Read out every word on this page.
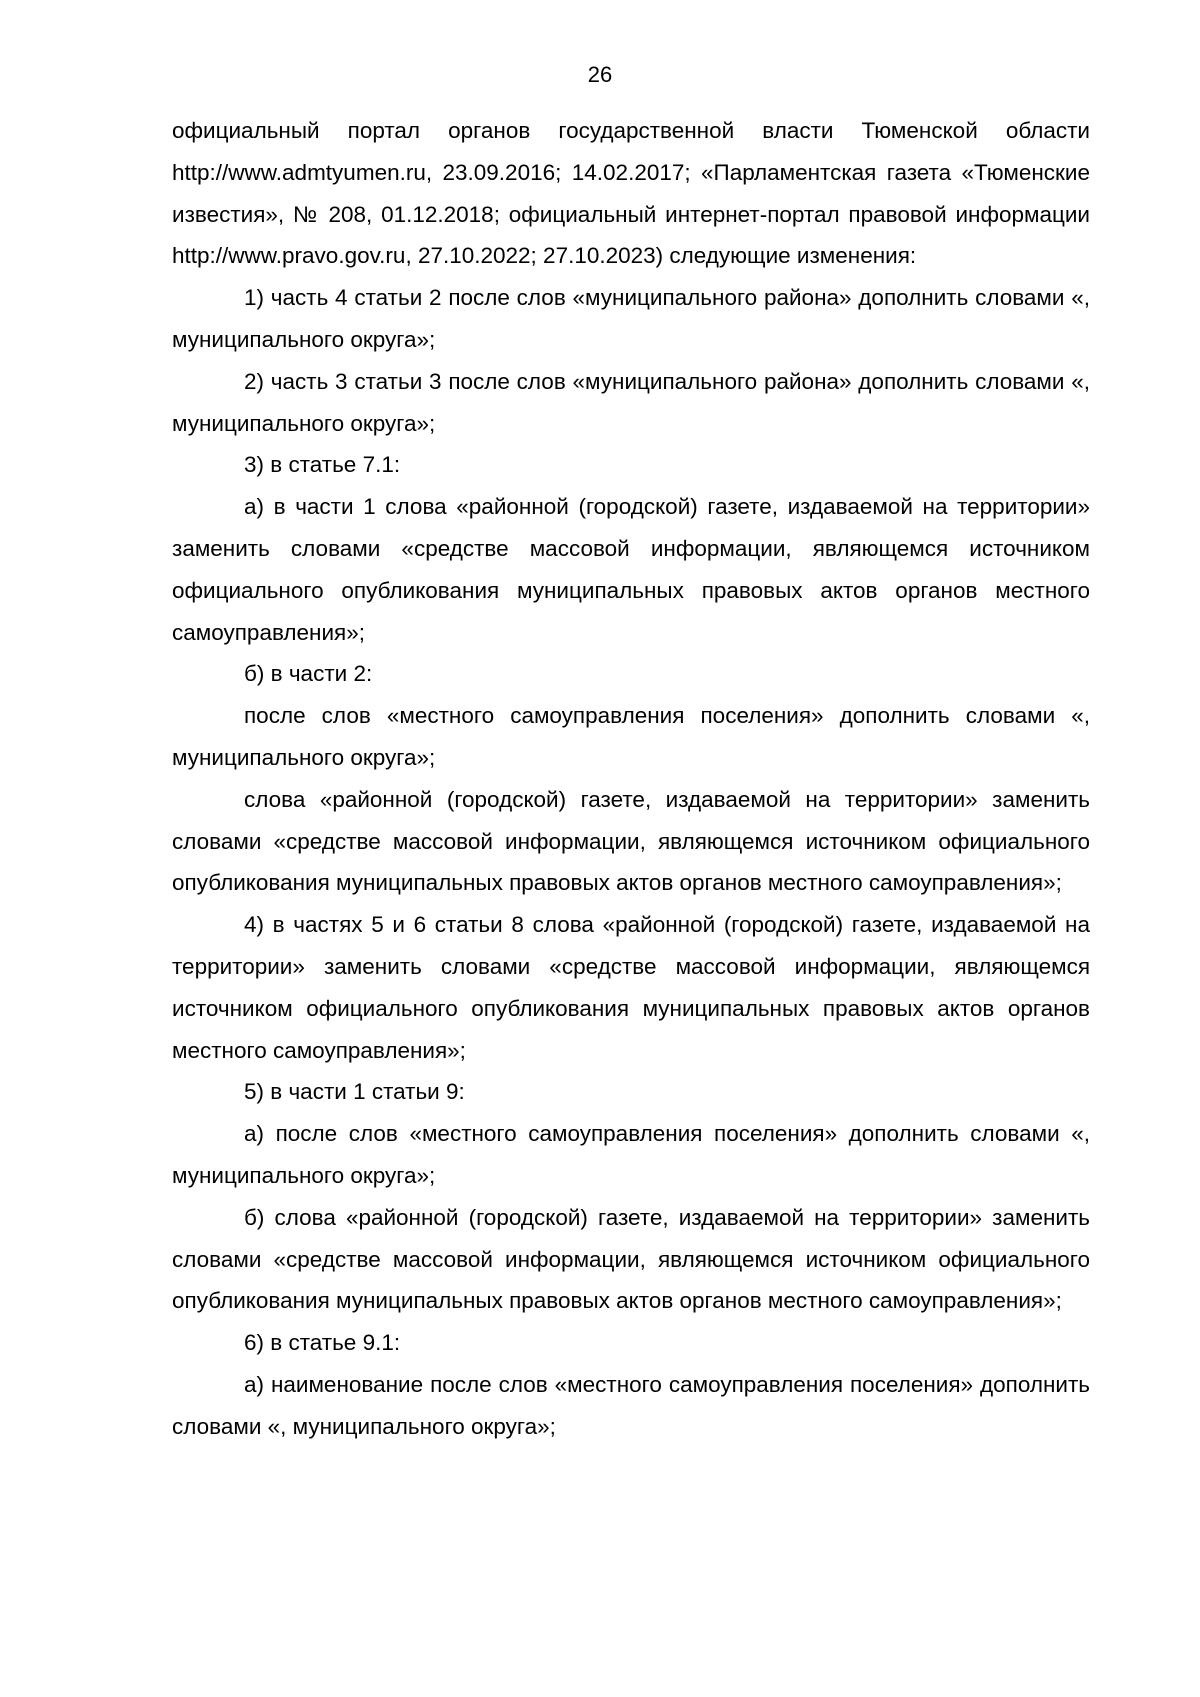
26

официальный портал органов государственной власти Тюменской области http://www.admtyumen.ru, 23.09.2016; 14.02.2017; «Парламентская газета «Тюменские известия», № 208, 01.12.2018; официальный интернет-портал правовой информации http://www.pravo.gov.ru, 27.10.2022; 27.10.2023) следующие изменения:

1) часть 4 статьи 2 после слов «муниципального района» дополнить словами «, муниципального округа»;

2) часть 3 статьи 3 после слов «муниципального района» дополнить словами «, муниципального округа»;

3) в статье 7.1:

а) в части 1 слова «районной (городской) газете, издаваемой на территории» заменить словами «средстве массовой информации, являющемся источником официального опубликования муниципальных правовых актов органов местного самоуправления»;

б) в части 2:

после слов «местного самоуправления поселения» дополнить словами «, муниципального округа»;

слова «районной (городской) газете, издаваемой на территории» заменить словами «средстве массовой информации, являющемся источником официального опубликования муниципальных правовых актов органов местного самоуправления»;

4) в частях 5 и 6 статьи 8 слова «районной (городской) газете, издаваемой на территории» заменить словами «средстве массовой информации, являющемся источником официального опубликования муниципальных правовых актов органов местного самоуправления»;

5) в части 1 статьи 9:

а) после слов «местного самоуправления поселения» дополнить словами «, муниципального округа»;

б) слова «районной (городской) газете, издаваемой на территории» заменить словами «средстве массовой информации, являющемся источником официального опубликования муниципальных правовых актов органов местного самоуправления»;

6) в статье 9.1:

а) наименование после слов «местного самоуправления поселения» дополнить словами «, муниципального округа»;
